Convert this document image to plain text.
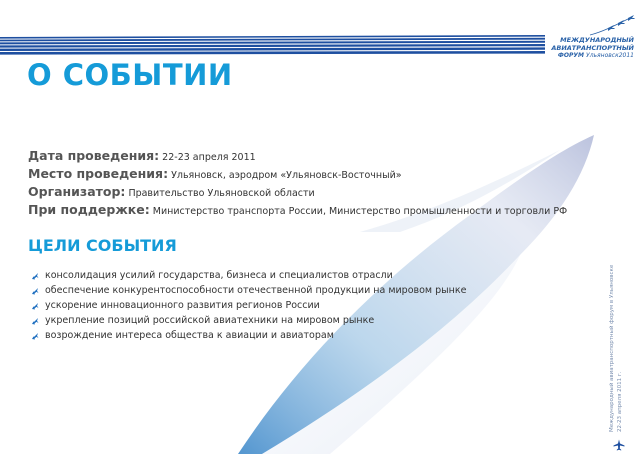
МЕЖДУНАРОДНЫЙ
АВИАТРАНСПОРТНЫЙ
ФОРУМ Ульяновск2011
О СОБЫТИИ
Дата проведения: 22-23 апреля 2011
Место проведения: Ульяновск, аэродром «Ульяновск-Восточный»
Организатор: Правительство Ульяновской области
При поддержке: Министерство транспорта России, Министерство промышленности и торговли РФ
ЦЕЛИ СОБЫТИЯ
консолидация усилий государства, бизнеса и специалистов отрасли
обеспечение конкурентоспособности отечественной продукции на мировом рынке
ускорение инновационного развития регионов России
укрепление позиций российской авиатехники на мировом рынке
возрождение интереса общества к авиации и авиаторам	Международный авиатранспортный форум в Ульяновске 22-23 апреля 2011 г.
